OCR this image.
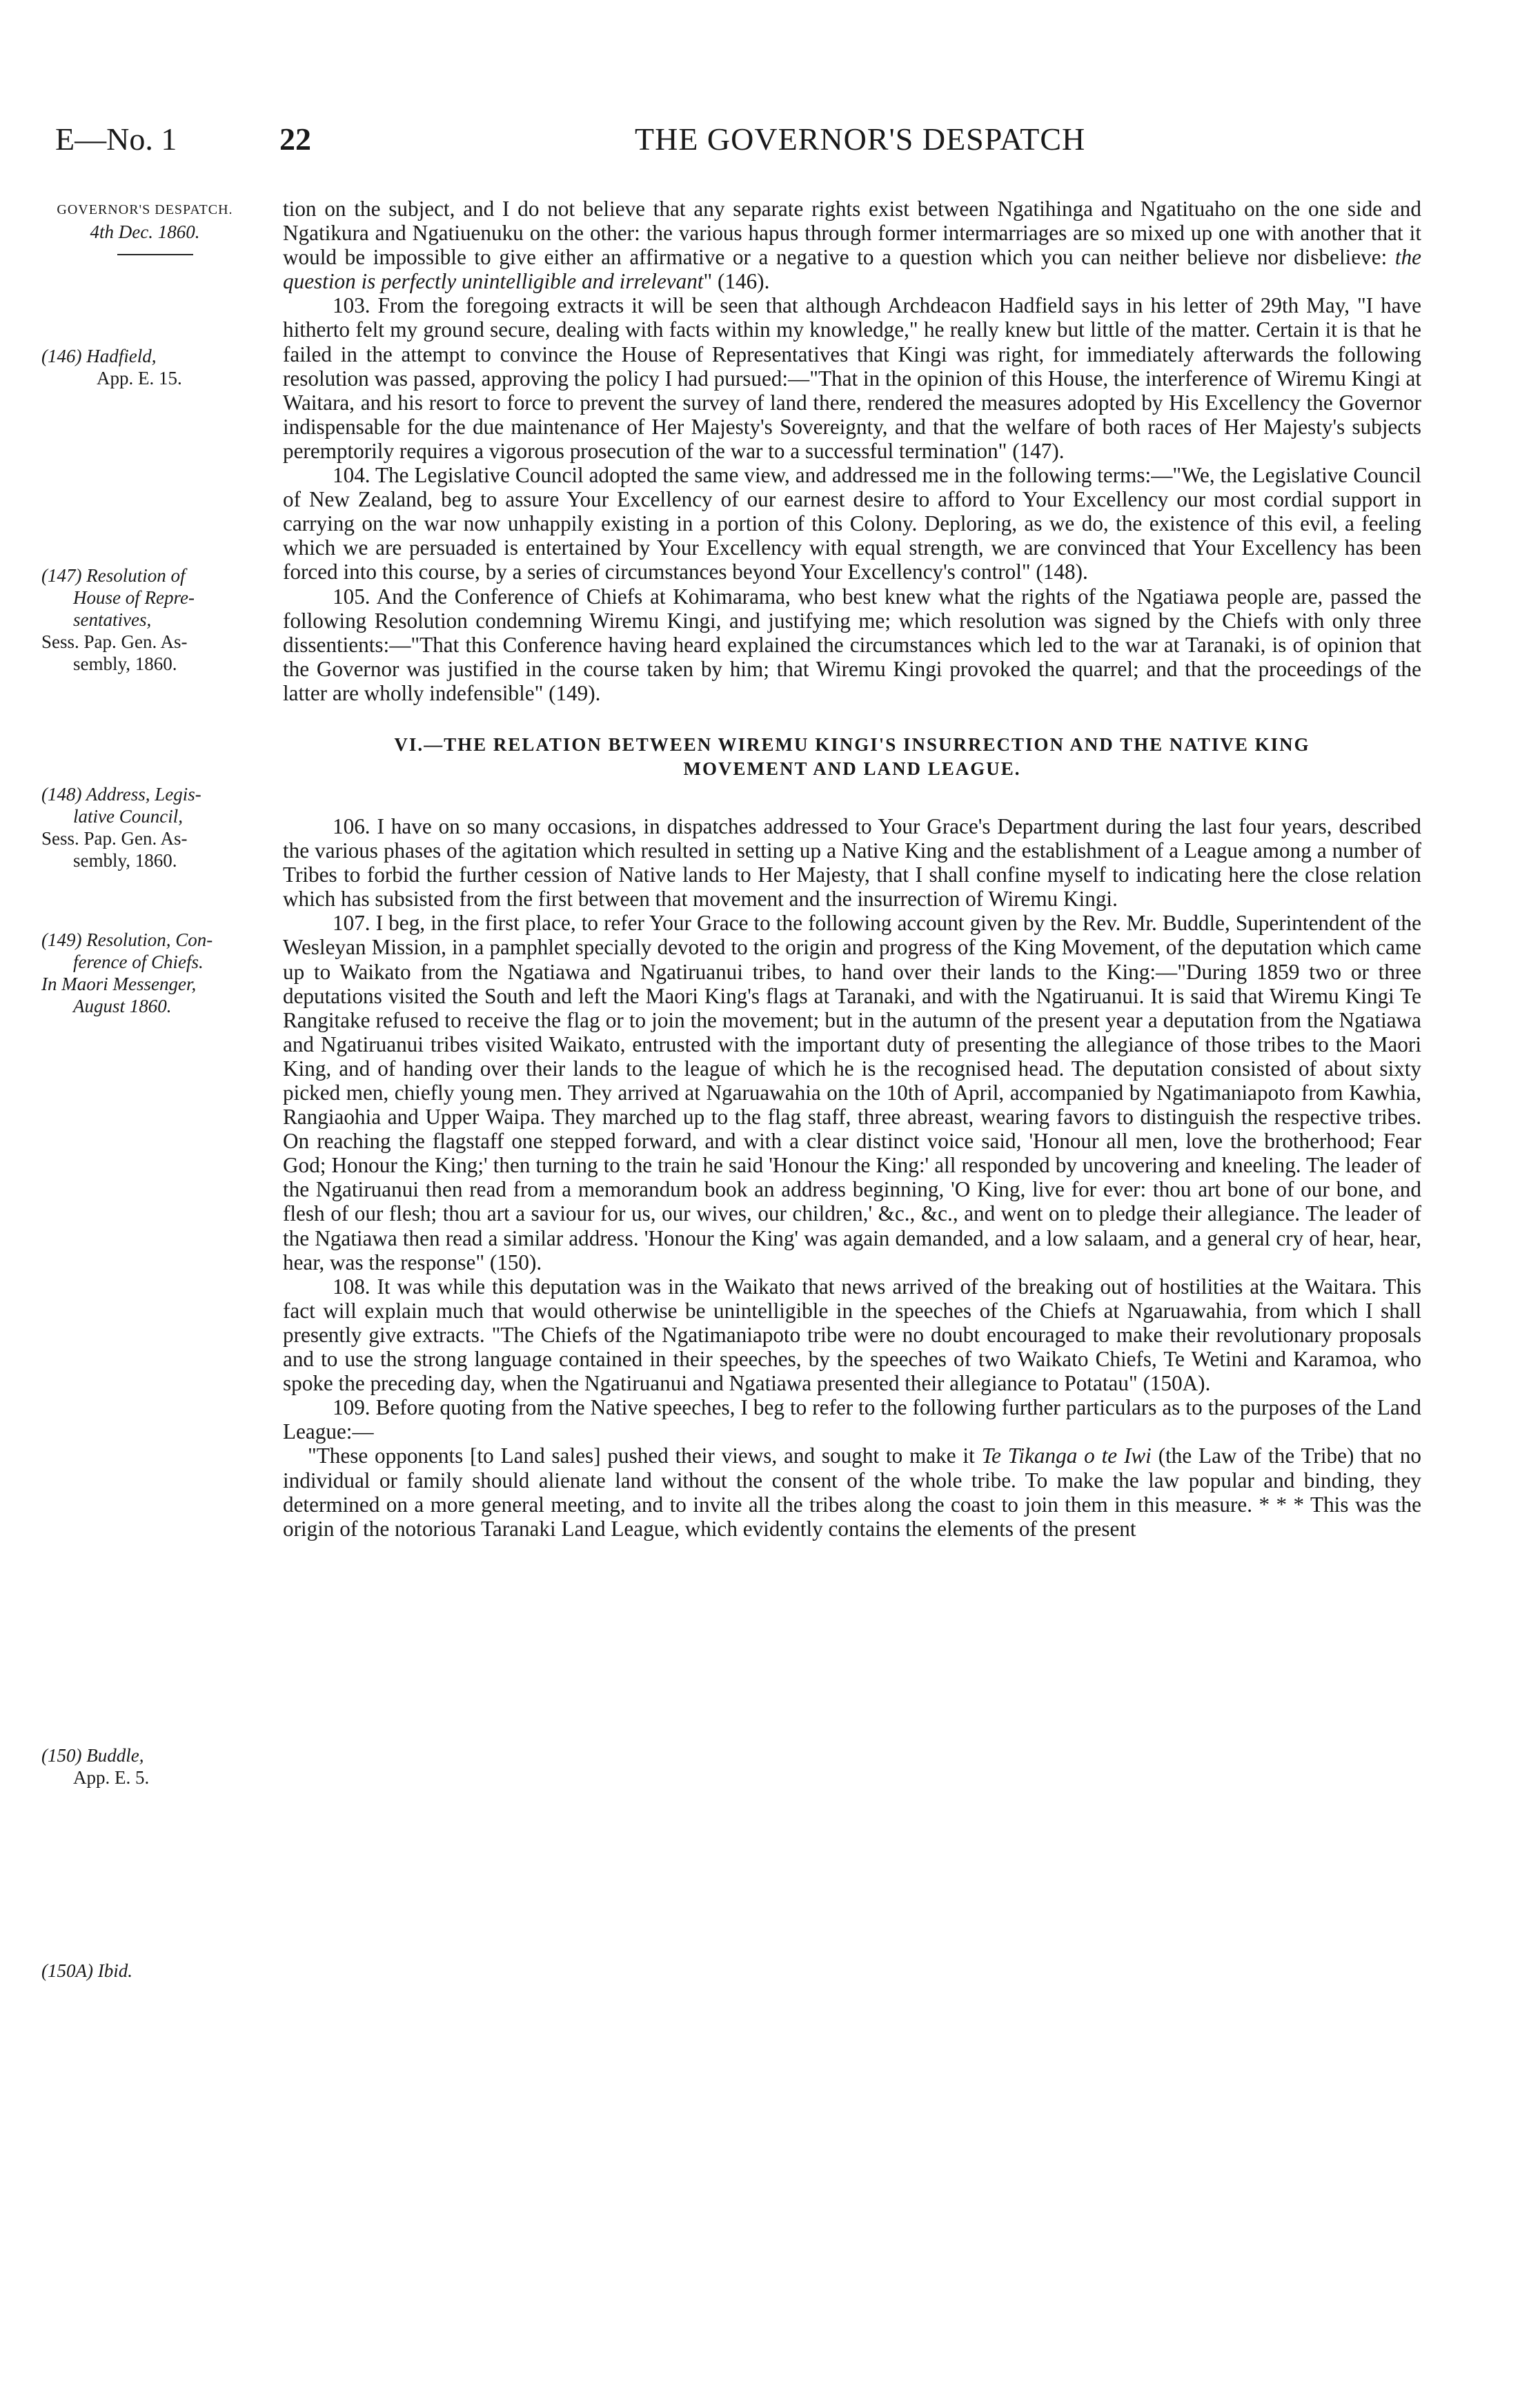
E—No. 1	22	THE GOVERNOR'S DESPATCH
GOVERNOR'S DESPATCH.
4th Dec. 1860.
(146) Hadfield,
App. E. 15.
(147) Resolution of
House of Repre-
sentatives,
Sess. Pap. Gen. As-
sembly, 1860.
(148) Address, Legis-
lative Council,
Sess. Pap. Gen. As-
sembly, 1860.
(149) Resolution, Con-
ference of Chiefs.
In Maori Messenger,
August 1860.
(150) Buddle,
App. E. 5.
(150A) Ibid.

tion on the subject, and I do not believe that any separate rights exist between Ngatihinga and Ngatituaho on the one side and Ngatikura and Ngatiuenuku on the other: the various hapus through former intermarriages are so mixed up one with another that it would be impossible to give either an affirmative or a negative to a question which you can neither believe nor disbelieve: the question is perfectly unintelligible and irrelevant" (146).

103. From the foregoing extracts it will be seen that although Archdeacon Hadfield says in his letter of 29th May, "I have hitherto felt my ground secure, dealing with facts within my knowledge," he really knew but little of the matter. Certain it is that he failed in the attempt to convince the House of Representatives that Kingi was right, for immediately afterwards the following resolution was passed, approving the policy I had pursued:—"That in the opinion of this House, the interference of Wiremu Kingi at Waitara, and his resort to force to prevent the survey of land there, rendered the measures adopted by His Excellency the Governor indispensable for the due maintenance of Her Majesty's Sovereignty, and that the welfare of both races of Her Majesty's subjects peremptorily requires a vigorous prosecution of the war to a successful termination" (147).

104. The Legislative Council adopted the same view, and addressed me in the following terms:—"We, the Legislative Council of New Zealand, beg to assure Your Excellency of our earnest desire to afford to Your Excellency our most cordial support in carrying on the war now unhappily existing in a portion of this Colony. Deploring, as we do, the existence of this evil, a feeling which we are persuaded is entertained by Your Excellency with equal strength, we are convinced that Your Excellency has been forced into this course, by a series of circumstances beyond Your Excellency's control" (148).

105. And the Conference of Chiefs at Kohimarama, who best knew what the rights of the Ngatiawa people are, passed the following Resolution condemning Wiremu Kingi, and justifying me; which resolution was signed by the Chiefs with only three dissentients:—"That this Conference having heard explained the circumstances which led to the war at Taranaki, is of opinion that the Governor was justified in the course taken by him; that Wiremu Kingi provoked the quarrel; and that the proceedings of the latter are wholly indefensible" (149).

VI.—THE RELATION BETWEEN WIREMU KINGI'S INSURRECTION AND THE NATIVE KING
MOVEMENT AND LAND LEAGUE.

106. I have on so many occasions, in dispatches addressed to Your Grace's Department during the last four years, described the various phases of the agitation which resulted in setting up a Native King and the establishment of a League among a number of Tribes to forbid the further cession of Native lands to Her Majesty, that I shall confine myself to indicating here the close relation which has subsisted from the first between that movement and the insurrection of Wiremu Kingi.

107. I beg, in the first place, to refer Your Grace to the following account given by the Rev. Mr. Buddle, Superintendent of the Wesleyan Mission, in a pamphlet specially devoted to the origin and progress of the King Movement, of the deputation which came up to Waikato from the Ngatiawa and Ngatiruanui tribes, to hand over their lands to the King:—"During 1859 two or three deputations visited the South and left the Maori King's flags at Taranaki, and with the Ngatiruanui. It is said that Wiremu Kingi Te Rangitake refused to receive the flag or to join the movement; but in the autumn of the present year a deputation from the Ngatiawa and Ngatiruanui tribes visited Waikato, entrusted with the important duty of presenting the allegiance of those tribes to the Maori King, and of handing over their lands to the league of which he is the recognised head. The deputation consisted of about sixty picked men, chiefly young men. They arrived at Ngaruawahia on the 10th of April, accompanied by Ngatimaniapoto from Kawhia, Rangiaohia and Upper Waipa. They marched up to the flag staff, three abreast, wearing favors to distinguish the respective tribes. On reaching the flagstaff one stepped forward, and with a clear distinct voice said, 'Honour all men, love the brotherhood; Fear God; Honour the King;' then turning to the train he said 'Honour the King:' all responded by uncovering and kneeling. The leader of the Ngatiruanui then read from a memorandum book an address beginning, 'O King, live for ever: thou art bone of our bone, and flesh of our flesh; thou art a saviour for us, our wives, our children,' &c., &c., and went on to pledge their allegiance. The leader of the Ngatiawa then read a similar address. 'Honour the King' was again demanded, and a low salaam, and a general cry of hear, hear, hear, was the response" (150).

108. It was while this deputation was in the Waikato that news arrived of the breaking out of hostilities at the Waitara. This fact will explain much that would otherwise be unintelligible in the speeches of the Chiefs at Ngaruawahia, from which I shall presently give extracts. "The Chiefs of the Ngatimaniapoto tribe were no doubt encouraged to make their revolutionary proposals and to use the strong language contained in their speeches, by the speeches of two Waikato Chiefs, Te Wetini and Karamoa, who spoke the preceding day, when the Ngatiruanui and Ngatiawa presented their allegiance to Potatau" (150A).

109. Before quoting from the Native speeches, I beg to refer to the following further particulars as to the purposes of the Land League:—

"These opponents [to Land sales] pushed their views, and sought to make it Te Tikanga o te Iwi (the Law of the Tribe) that no individual or family should alienate land without the consent of the whole tribe. To make the law popular and binding, they determined on a more general meeting, and to invite all the tribes along the coast to join them in this measure. * * * This was the origin of the notorious Taranaki Land League, which evidently contains the elements of the present
